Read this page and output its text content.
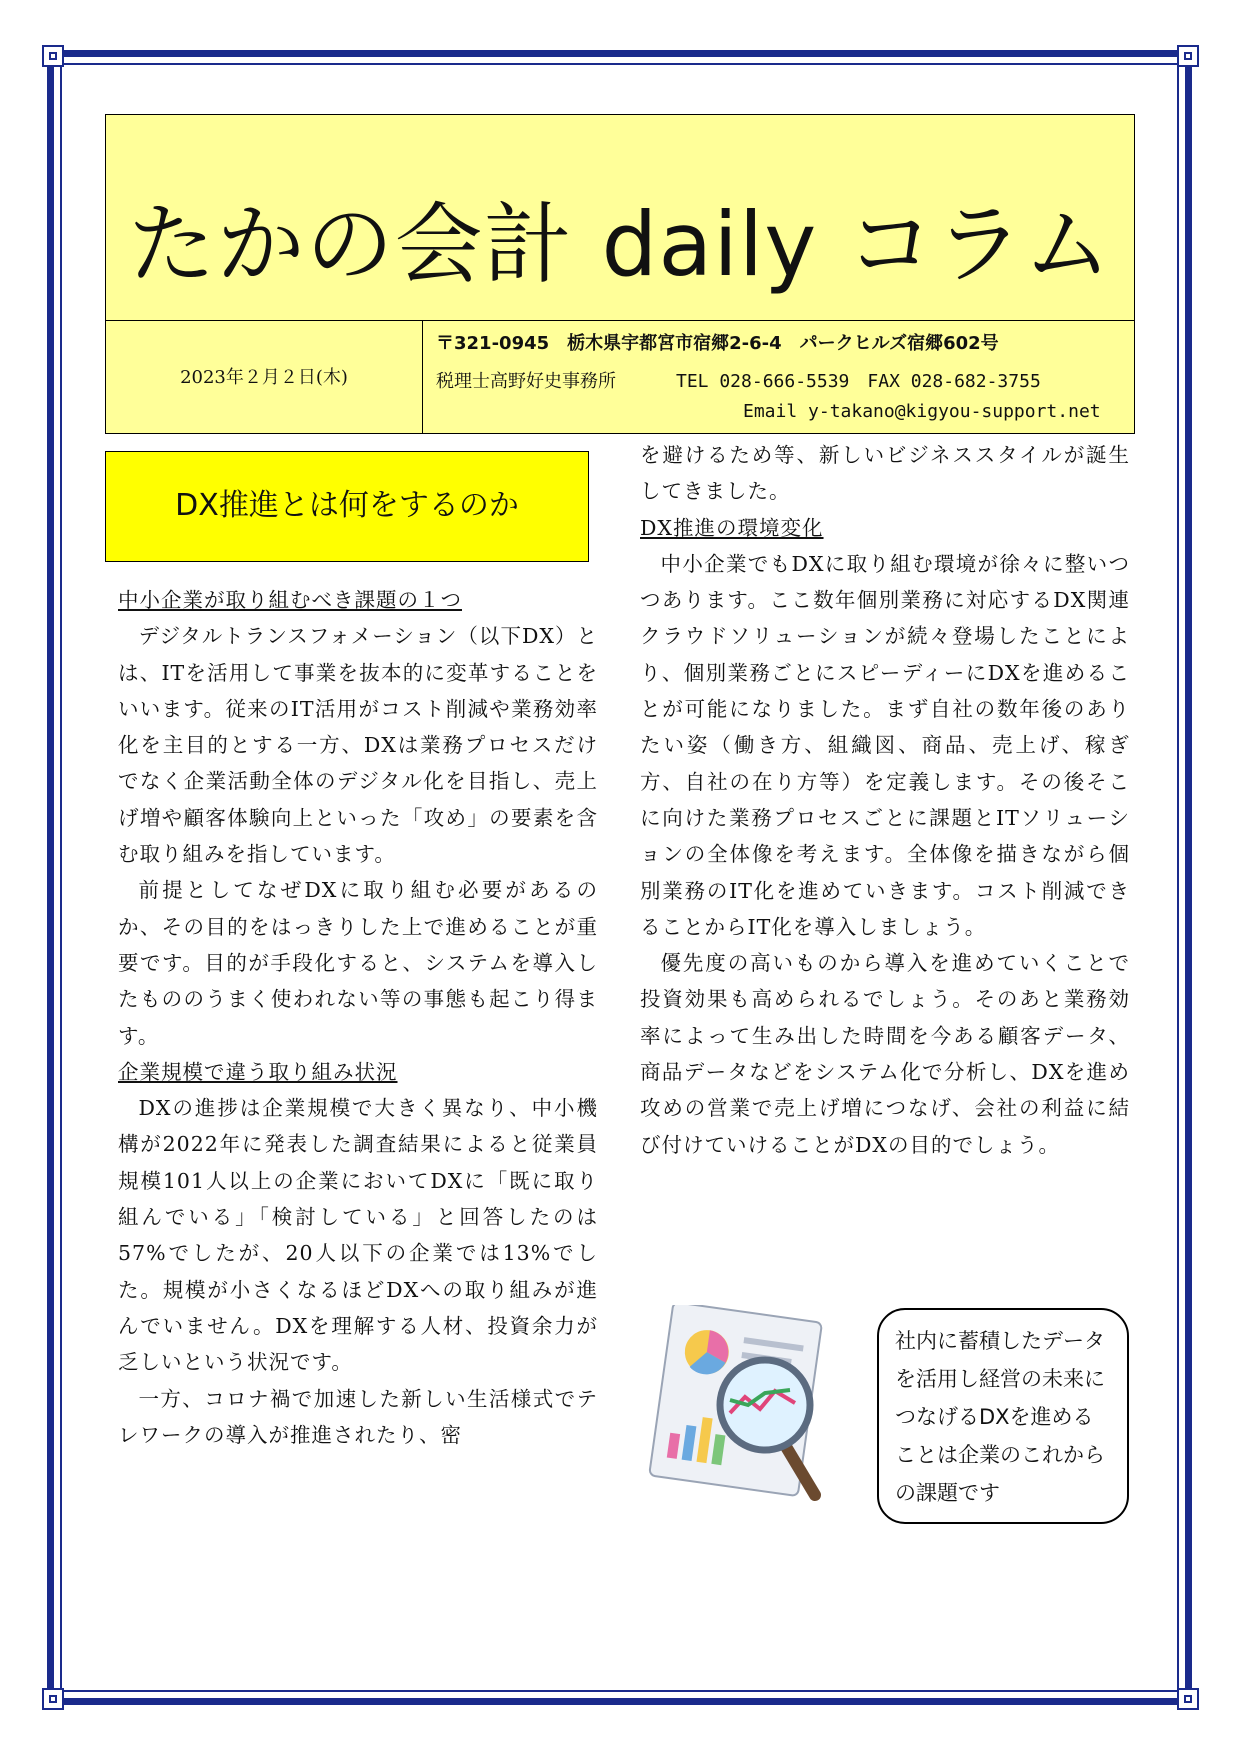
たかの会計 daily コラム
2023年２月２日(木)
〒321-0945　栃木県宇都宮市宿郷2-6-4　パークヒルズ宿郷602号
税理士高野好史事務所	TEL 028-666-5539　FAX 028-682-3755
Email y-takano@kigyou-support.net
DX推進とは何をするのか

中小企業が取り組むべき課題の１つ

デジタルトランスフォメーション（以下DX）とは、ITを活用して事業を抜本的に変革することをいいます。従来のIT活用がコスト削減や業務効率化を主目的とする一方、DXは業務プロセスだけでなく企業活動全体のデジタル化を目指し、売上げ増や顧客体験向上といった「攻め」の要素を含む取り組みを指しています。

前提としてなぜDXに取り組む必要があるのか、その目的をはっきりした上で進めることが重要です。目的が手段化すると、システムを導入したもののうまく使われない等の事態も起こり得ます。

企業規模で違う取り組み状況

DXの進捗は企業規模で大きく異なり、中小機構が2022年に発表した調査結果によると従業員規模101人以上の企業においてDXに「既に取り組んでいる」「検討している」と回答したのは57%でしたが、20人以下の企業では13%でした。規模が小さくなるほどDXへの取り組みが進んでいません。DXを理解する人材、投資余力が乏しいという状況です。

一方、コロナ禍で加速した新しい生活様式でテレワークの導入が推進されたり、密

を避けるため等、新しいビジネススタイルが誕生してきました。

DX推進の環境変化

中小企業でもDXに取り組む環境が徐々に整いつつあります。ここ数年個別業務に対応するDX関連クラウドソリューションが続々登場したことにより、個別業務ごとにスピーディーにDXを進めることが可能になりました。まず自社の数年後のありたい姿（働き方、組織図、商品、売上げ、稼ぎ方、自社の在り方等）を定義します。その後そこに向けた業務プロセスごとに課題とITソリューションの全体像を考えます。全体像を描きながら個別業務のIT化を進めていきます。コスト削減できることからIT化を導入しましょう。

優先度の高いものから導入を進めていくことで投資効果も高められるでしょう。そのあと業務効率によって生み出した時間を今ある顧客データ、商品データなどをシステム化で分析し、DXを進め攻めの営業で売上げ増につなげ、会社の利益に結び付けていけることがDXの目的でしょう。

社内に蓄積したデータを活用し経営の未来につなげるDXを進めることは企業のこれからの課題です
